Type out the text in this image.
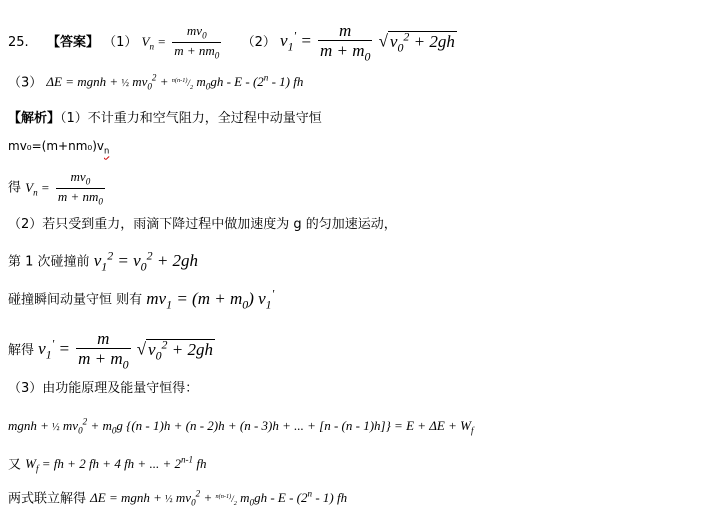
25. 【答案】 （1） $V_n = \frac{mv_0}{m + nm_0} (2) v_1' = \frac{m}{m + m_0}$ √ $v_0^2 + 2gh$
（3） ΔE = mgnh + ½ $mv_0^2 + ^{n(n-1)}/_2$ $m_0gh$ - E - (2$^n$ - 1) fh
【解析】（1）不计重力和空气阻力，全过程中动量守恒
$mv_0=(m+nm_0)v_n$
得 $V_n = \frac{mv_0}{m + nm_0}$
（2）若只受到重力，雨滴下降过程中做加速度为 g 的匀加速运动，
第 1 次碰撞前 $v_1^2 = v_0^2 + 2gh$
碰撞瞬间动量守恒 则有 $mv_1 = (m + m_0)$ $v_1'$
解得 $v_1' = \frac{m}{m + m_0}$ √ $v_0^2 + 2gh$
（3）由功能原理及能量守恒得：
mgnh + ½ $mv_0^2 + m_0g$ {(n - 1)h + (n - 2)h + (n - 3)h + ... + $[n - (n - 1)h]\} = E + \Delta E + W_f$
又 $W_f$ = fh + 2 fh + 4 fh + ... + $2^{n-1}$ fh
两式联立解得 ΔE = mgnh + ½ $mv_0^2 + ^{n(n-1)}/_2$ $m_0gh$ - E - (2$^n$ - 1) fh
